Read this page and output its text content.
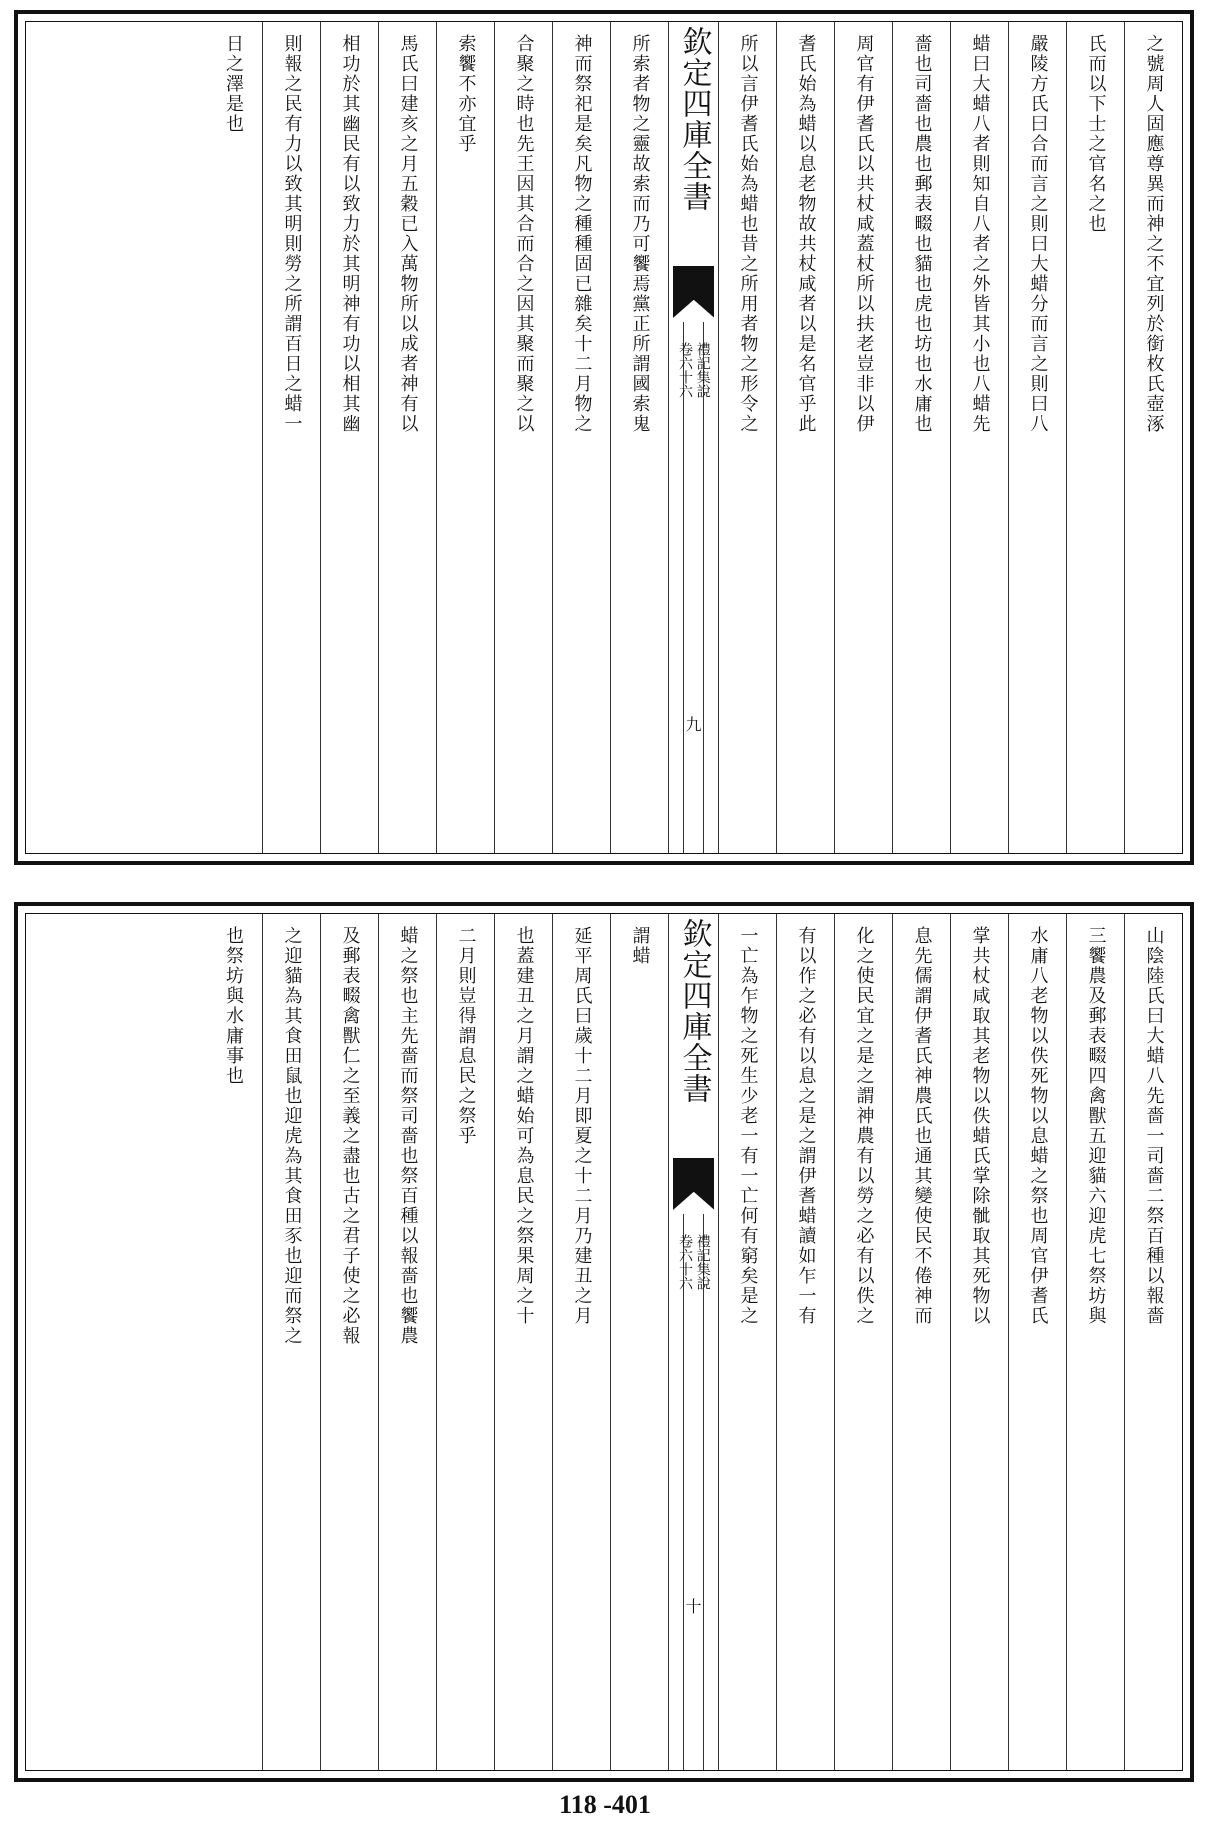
之號周人固應尊異而神之不宜列於銜枚氏壺涿
氏而以下士之官名之也
嚴陵方氏曰合而言之則曰大蜡分而言之則曰八
蜡曰大蜡八者則知自八者之外皆其小也八蜡先
嗇也司嗇也農也郵表畷也貓也虎也坊也水庸也
周官有伊耆氏以共杖咸蓋杖所以扶老豈非以伊
耆氏始為蜡以息老物故共杖咸者以是名官乎此
所以言伊耆氏始為蜡也昔之所用者物之形令之
欽定四庫全書
卷六十六 禮記集說
九
所索者物之靈故索而乃可饗焉黨正所謂國索鬼
神而祭祀是矣凡物之種種固已雜矣十二月物之
合聚之時也先王因其合而合之因其聚而聚之以
索饗不亦宜乎
馬氏曰建亥之月五穀已入萬物所以成者神有以
相功於其幽民有以致力於其明神有功以相其幽
則報之民有力以致其明則勞之所謂百日之蜡一
日之澤是也
山陰陸氏曰大蜡八先嗇一司嗇二祭百種以報嗇
三饗農及郵表畷四禽獸五迎貓六迎虎七祭坊與
水庸八老物以佚死物以息蜡之祭也周官伊耆氏
掌共杖咸取其老物以佚蜡氏掌除骴取其死物以
息先儒謂伊耆氏神農氏也通其變使民不倦神而
化之使民宜之是之謂神農有以勞之必有以佚之
有以作之必有以息之是之謂伊耆蜡讀如乍一有
一亡為乍物之死生少老一有一亡何有窮矣是之
欽定四庫全書
卷六十六 禮記集說
十
謂蜡
延平周氏曰歲十二月即夏之十二月乃建丑之月
也蓋建丑之月謂之蜡始可為息民之祭果周之十
二月則豈得謂息民之祭乎
蜡之祭也主先嗇而祭司嗇也祭百種以報嗇也饗農
及郵表畷禽獸仁之至義之盡也古之君子使之必報
之迎貓為其食田鼠也迎虎為其食田豕也迎而祭之
也祭坊與水庸事也
118 -401
